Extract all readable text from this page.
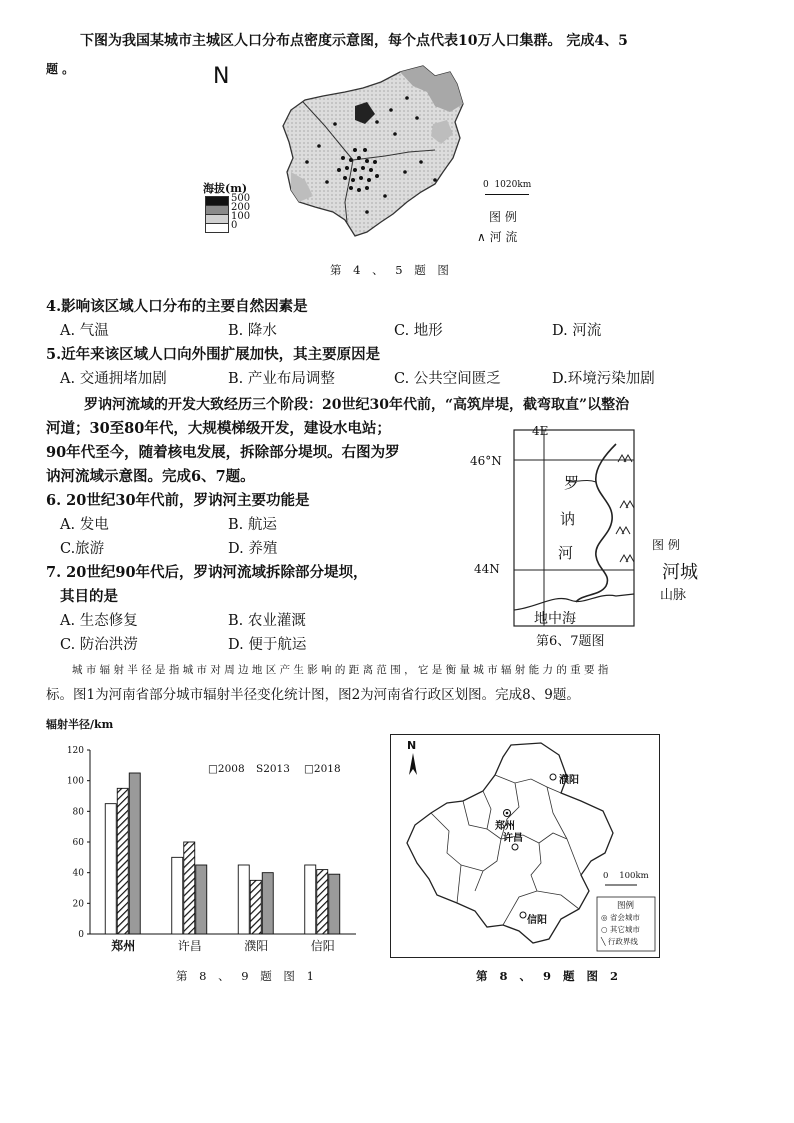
下图为我国某城市主城区人口分布点密度示意图，每个点代表10万人口集群。 完成4、5
题 。	N
海拔(m)
500
200
100
0
0  1020km
图 例
∧ 河 流
第 4 、 5 题 图
4.影响该区域人口分布的主要自然因素是
A. 气温	B. 降水	C. 地形	D. 河流
5.近年来该区域人口向外围扩展加快，其主要原因是
A. 交通拥堵加剧	B. 产业布局调整	C. 公共空间匮乏	D.环境污染加剧
罗讷河流域的开发大致经历三个阶段：20世纪30年代前，“高筑岸堤，截弯取直”以整治
河道；30至80年代，大规模梯级开发，建设水电站；
90年代至今，随着核电发展，拆除部分堤坝。右图为罗
讷河流域示意图。完成6、7题。
6. 20世纪30年代前，罗讷河主要功能是
A. 发电	B. 航运
C.旅游	D. 养殖
7. 20世纪90年代后，罗讷河流域拆除部分堤坝，
其目的是
A. 生态修复	B. 农业灌溉
C. 防治洪涝	D. 便于航运
4E
46°N
44N
罗
讷
河
地中海
图 例
河城
山脉
第6、7题图
城 市 辐 射 半 径 是 指 城 市 对 周 边 地 区 产 生 影 响 的 距 离 范 围 ， 它 是 衡 量 城 市 辐 射 能 力 的 重 要 指
标。图1为河南省部分城市辐射半径变化统计图，图2为河南省行政区划图。完成8、9题。
辐射半径/km
0
20
40
60
80
100
120
郑州	许昌	濮阳	信阳
□2008 S2013 □2018
第 8 、 9 题 图 1
N
濮阳
郑州
许昌
信阳
0    100km
图例
◎ 省会城市
○ 其它城市
╲ 行政界线
第 8 、 9 题 图 2
